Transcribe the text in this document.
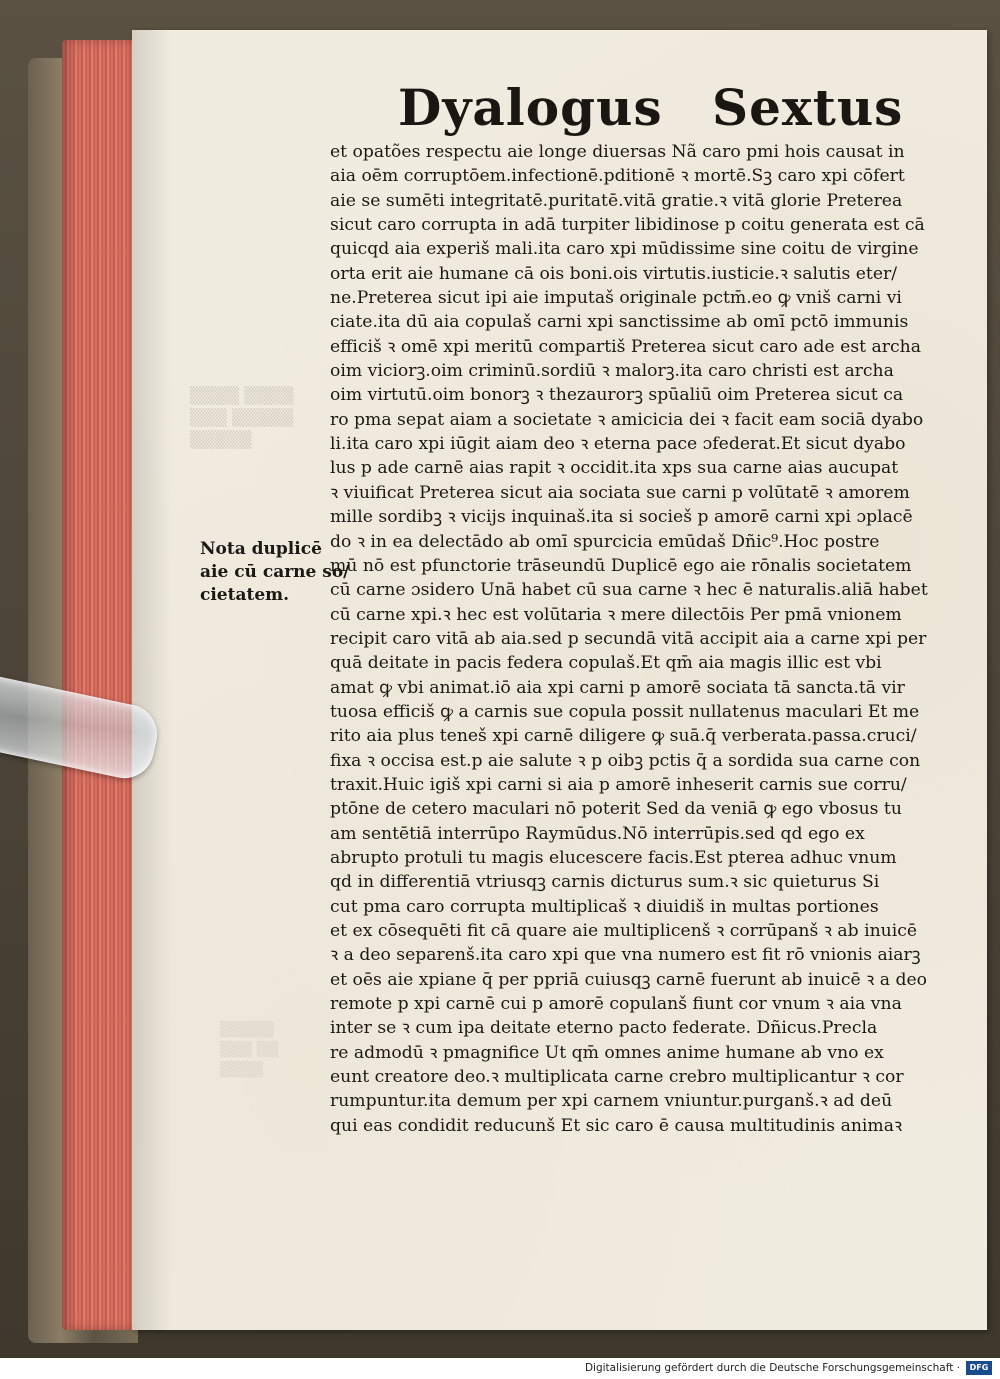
▒▒▒▒ ▒▒▒▒
▒▒▒ ▒▒▒▒▒
▒▒▒▒▒
▒▒▒▒▒
▒▒▒ ▒▒
▒▒▒▒
Dyalogus Sextus
et opatões respectu aie longe diuersas Nã caro pmi hois causat in
aia oēm corruptōem.infectionē.pditionē ꝛ mortē.Sꝫ caro xpi cōfert
aie se sumēti integritatē.puritatē.vitā gratie.ꝛ vitā glorie Preterea
sicut caro corrupta in adā turpiter libidinose p coitu generata est cā
quicqd aia experiš mali.ita caro xpi mūdissime sine coitu de virgine
orta erit aie humane cā ois boni.ois virtutis.iusticie.ꝛ salutis eter/
ne.Preterea sicut ipi aie imputaš originale pctm̄.eo ꝙ vniš carni vi
ciate.ita dū aia copulaš carni xpi sanctissime ab omī pctō immunis
efficiš ꝛ omē xpi meritū compartiš Preterea sicut caro ade est archa
oim viciorꝫ.oim criminū.sordiū ꝛ malorꝫ.ita caro christi est archa
oim virtutū.oim bonorꝫ ꝛ thezaurorꝫ spūaliū oim Preterea sicut ca
ro pma sepat aiam a societate ꝛ amicicia dei ꝛ facit eam sociā dyabo
li.ita caro xpi iūgit aiam deo ꝛ eterna pace ɔfederat.Et sicut dyabo
lus p ade carnē aias rapit ꝛ occidit.ita xps sua carne aias aucupat
ꝛ viuificat Preterea sicut aia sociata sue carni p volūtatē ꝛ amorem
mille sordibꝫ ꝛ vicijs inquinaš.ita si socieš p amorē carni xpi ɔplacē
do ꝛ in ea delectādo ab omī spurcicia emūdaš Dñic⁹.Hoc postre
mū nō est pfunctorie trāseundū Duplicē ego aie rōnalis societatem
cū carne ɔsidero Unā habet cū sua carne ꝛ hec ē naturalis.aliā habet
cū carne xpi.ꝛ hec est volūtaria ꝛ mere dilectōis Per pmā vnionem
recipit caro vitā ab aia.sed p secundā vitā accipit aia a carne xpi per
quā deitate in pacis federa copulaš.Et qm̄ aia magis illic est vbi
amat ꝙ vbi animat.iō aia xpi carni p amorē sociata tā sancta.tā vir
tuosa efficiš ꝙ a carnis sue copula possit nullatenus maculari Et me
rito aia plus teneš xpi carnē diligere ꝙ suā.q̄ verberata.passa.cruci/
fixa ꝛ occisa est.p aie salute ꝛ p oibꝫ pctis q̄ a sordida sua carne con
traxit.Huic igiš xpi carni si aia p amorē inheserit carnis sue corru/
ptōne de cetero maculari nō poterit Sed da veniā ꝙ ego vbosus tu
am sentētiā interrūpo Raymūdus.Nō interrūpis.sed qd ego ex
abrupto protuli tu magis elucescere facis.Est pterea adhuc vnum
qd in differentiā vtriusqꝫ carnis dicturus sum.ꝛ sic quieturus Si
cut pma caro corrupta multiplicaš ꝛ diuidiš in multas portiones
et ex cōsequēti fit cā quare aie multiplicenš ꝛ corrūpanš ꝛ ab inuicē
ꝛ a deo separenš.ita caro xpi que vna numero est fit rō vnionis aiarꝫ
et oēs aie xpiane q̄ per ppriā cuiusqꝫ carnē fuerunt ab inuicē ꝛ a deo
remote p xpi carnē cui p amorē copulanš fiunt cor vnum ꝛ aia vna
inter se ꝛ cum ipa deitate eterno pacto federate. Dñicus.Precla
re admodū ꝛ pmagnifice Ut qm̄ omnes anime humane ab vno ex
eunt creatore deo.ꝛ multiplicata carne crebro multiplicantur ꝛ cor
rumpuntur.ita demum per xpi carnem vniuntur.purganš.ꝛ ad deū
qui eas condidit reducunš Et sic caro ē causa multitudinis animaꝛ
Nota duplicē
aie cū carne so/
cietatem.
Digitalisierung gefördert durch die Deutsche Forschungsgemeinschaft ·	DFG
